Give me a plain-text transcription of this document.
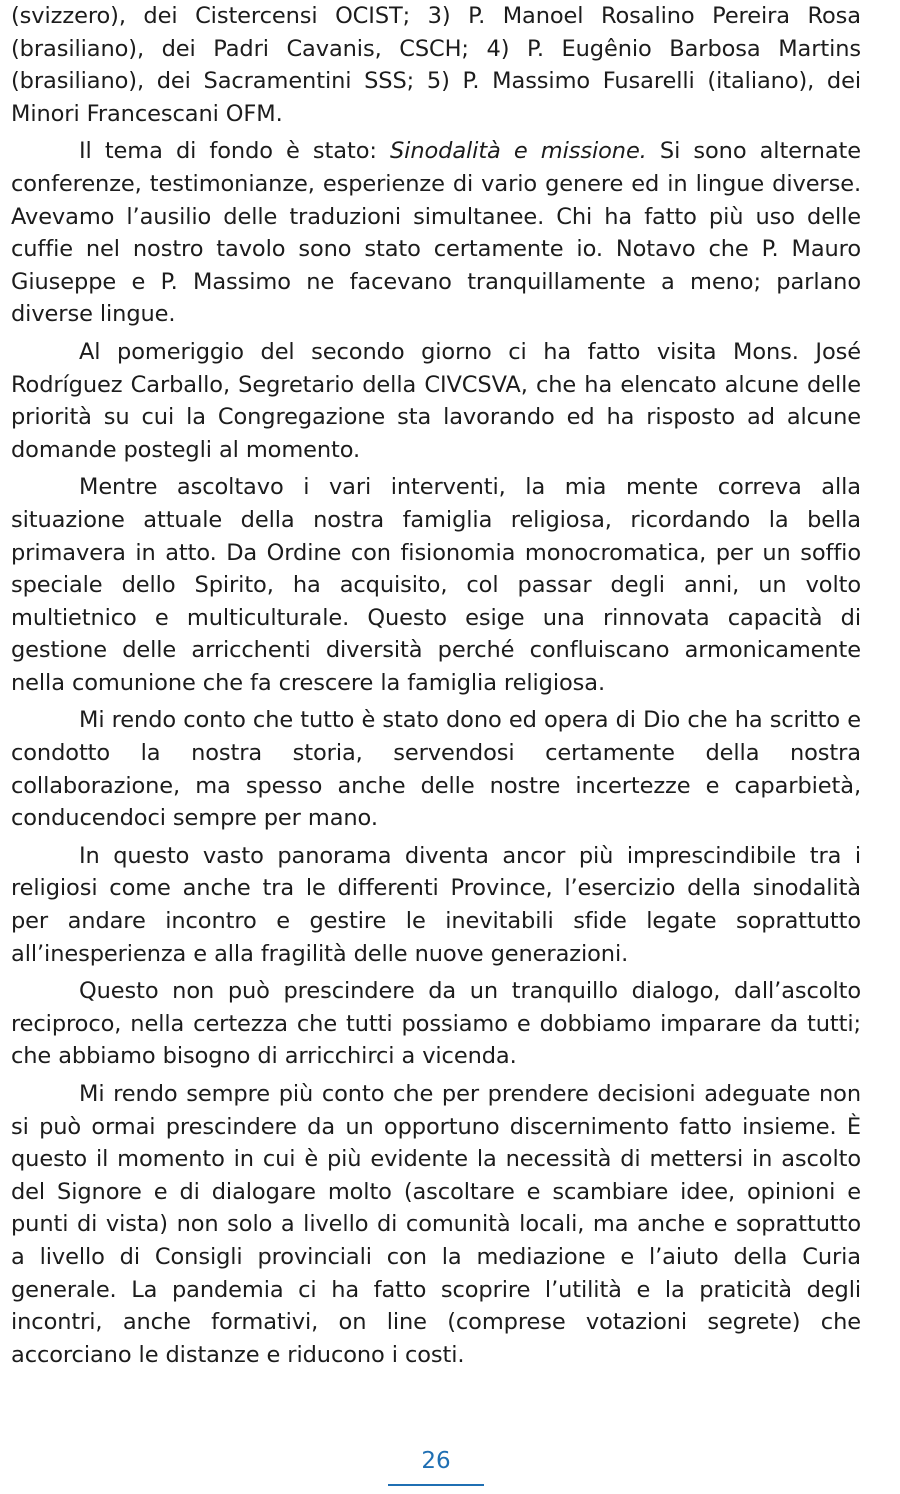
(svizzero), dei Cistercensi OCIST; 3) P. Manoel Rosalino Pereira Rosa (brasiliano), dei Padri Cavanis, CSCH; 4) P. Eugênio Barbosa Martins (brasiliano), dei Sacramentini SSS; 5) P. Massimo Fusarelli (italiano), dei Minori Francescani OFM.

Il tema di fondo è stato: Sinodalità e missione. Si sono alternate conferenze, testimonianze, esperienze di vario genere ed in lingue diverse. Avevamo l’ausilio delle traduzioni simultanee. Chi ha fatto più uso delle cuffie nel nostro tavolo sono stato certamente io. Notavo che P. Mauro Giuseppe e P. Massimo ne facevano tranquillamente a meno; parlano diverse lingue.

Al pomeriggio del secondo giorno ci ha fatto visita Mons. José Rodríguez Carballo, Segretario della CIVCSVA, che ha elencato alcune delle priorità su cui la Congregazione sta lavorando ed ha risposto ad alcune domande postegli al momento.

Mentre ascoltavo i vari interventi, la mia mente correva alla situazione attuale della nostra famiglia religiosa, ricordando la bella primavera in atto. Da Ordine con fisionomia monocromatica, per un soffio speciale dello Spirito, ha acquisito, col passar degli anni, un volto multietnico e multiculturale. Questo esige una rinnovata capacità di gestione delle arricchenti diversità perché confluiscano armonicamente nella comunione che fa crescere la famiglia religiosa.

Mi rendo conto che tutto è stato dono ed opera di Dio che ha scritto e condotto la nostra storia, servendosi certamente della nostra collaborazione, ma spesso anche delle nostre incertezze e caparbietà, conducendoci sempre per mano.

In questo vasto panorama diventa ancor più imprescindibile tra i religiosi come anche tra le differenti Province, l’esercizio della sinodalità per andare incontro e gestire le inevitabili sfide legate soprattutto all’inesperienza e alla fragilità delle nuove generazioni.

Questo non può prescindere da un tranquillo dialogo, dall’ascolto reciproco, nella certezza che tutti possiamo e dobbiamo imparare da tutti; che abbiamo bisogno di arricchirci a vicenda.

Mi rendo sempre più conto che per prendere decisioni adeguate non si può ormai prescindere da un opportuno discernimento fatto insieme. È questo il momento in cui è più evidente la necessità di mettersi in ascolto del Signore e di dialogare molto (ascoltare e scambiare idee, opinioni e punti di vista) non solo a livello di comunità locali, ma anche e soprattutto a livello di Consigli provinciali con la mediazione e l’aiuto della Curia generale. La pandemia ci ha fatto scoprire l’utilità e la praticità degli incontri, anche formativi, on line (comprese votazioni segrete) che accorciano le distanze e riducono i costi.

26
